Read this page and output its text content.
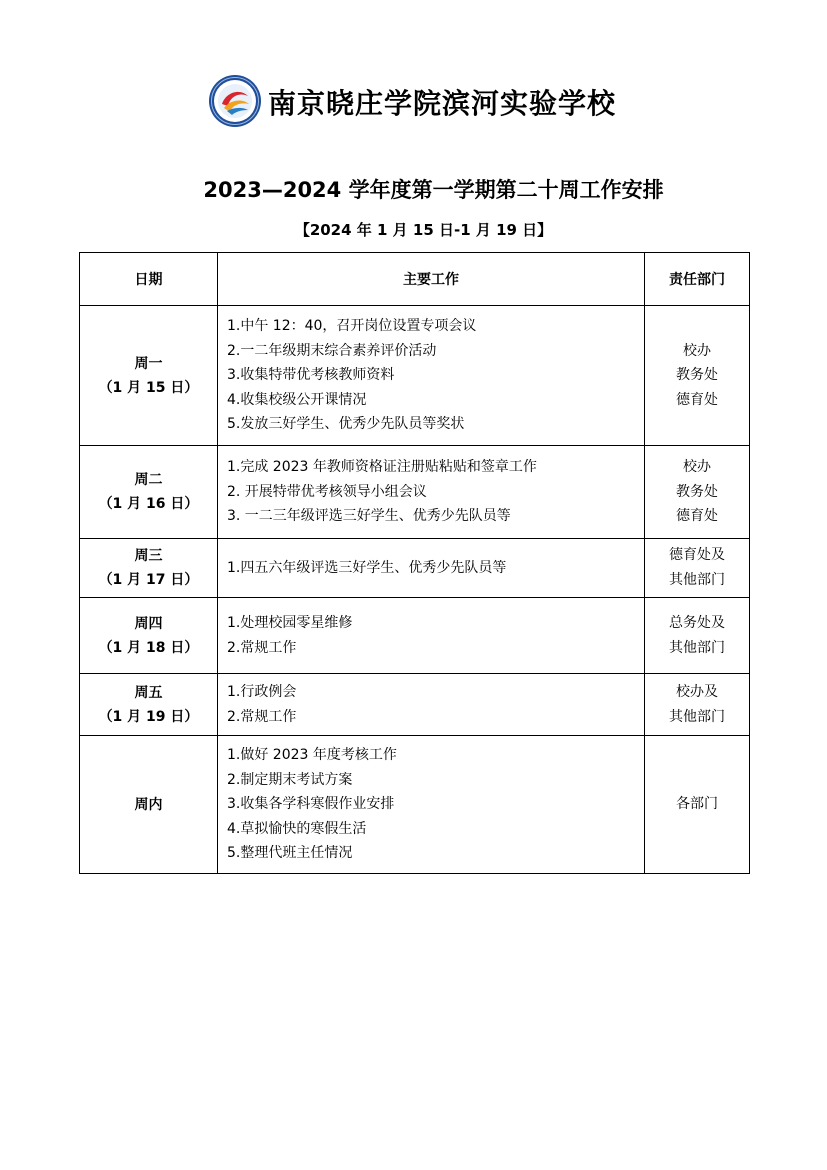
南京晓庄学院滨河实验学校
2023—2024 学年度第一学期第二十周工作安排
【2024 年 1 月 15 日-1 月 19 日】
日期	主要工作	责任部门

周一
（1 月 15 日）	1.中午 12：40，召开岗位设置专项会议
2.一二年级期末综合素养评价活动
3.收集特带优考核教师资料
4.收集校级公开课情况
5.发放三好学生、优秀少先队员等奖状	校办
教务处
德育处

周二
（1 月 16 日）	1.完成 2023 年教师资格证注册贴粘贴和签章工作
2. 开展特带优考核领导小组会议
3. 一二三年级评选三好学生、优秀少先队员等	校办
教务处
德育处

周三
（1 月 17 日）	1.四五六年级评选三好学生、优秀少先队员等	德育处及
其他部门

周四
（1 月 18 日）	1.处理校园零星维修
2.常规工作	总务处及
其他部门

周五
（1 月 19 日）	1.行政例会
2.常规工作	校办及
其他部门

周内	1.做好 2023 年度考核工作
2.制定期末考试方案
3.收集各学科寒假作业安排
4.草拟愉快的寒假生活
5.整理代班主任情况	各部门
